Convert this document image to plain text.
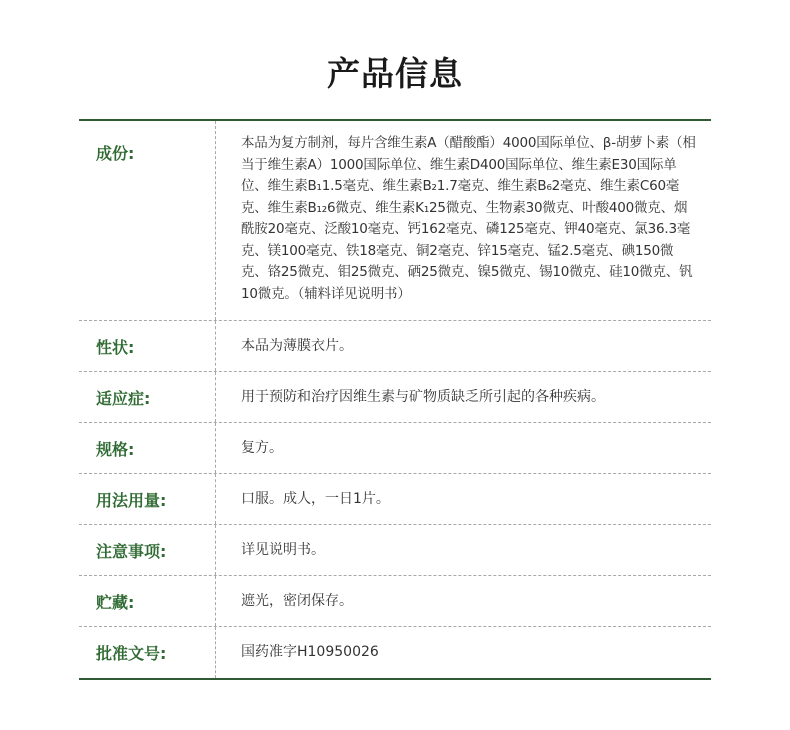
产品信息
成份:
本品为复方制剂，每片含维生素A（醋酸酯）4000国际单位、β-胡萝卜素（相当于维生素A）1000国际单位、维生素D400国际单位、维生素E30国际单位、维生素B₁1.5毫克、维生素B₂1.7毫克、维生素B₆2毫克、维生素C60毫克、维生素B₁₂6微克、维生素K₁25微克、生物素30微克、叶酸400微克、烟酰胺20毫克、泛酸10毫克、钙162毫克、磷125毫克、钾40毫克、氯36.3毫克、镁100毫克、铁18毫克、铜2毫克、锌15毫克、锰2.5毫克、碘150微克、铬25微克、钼25微克、硒25微克、镍5微克、锡10微克、硅10微克、钒10微克。（辅料详见说明书）
性状:	本品为薄膜衣片。
适应症:	用于预防和治疗因维生素与矿物质缺乏所引起的各种疾病。
规格:	复方。
用法用量:	口服。成人，一日1片。
注意事项:	详见说明书。
贮藏:	遮光，密闭保存。
批准文号:	国药准字H10950026
